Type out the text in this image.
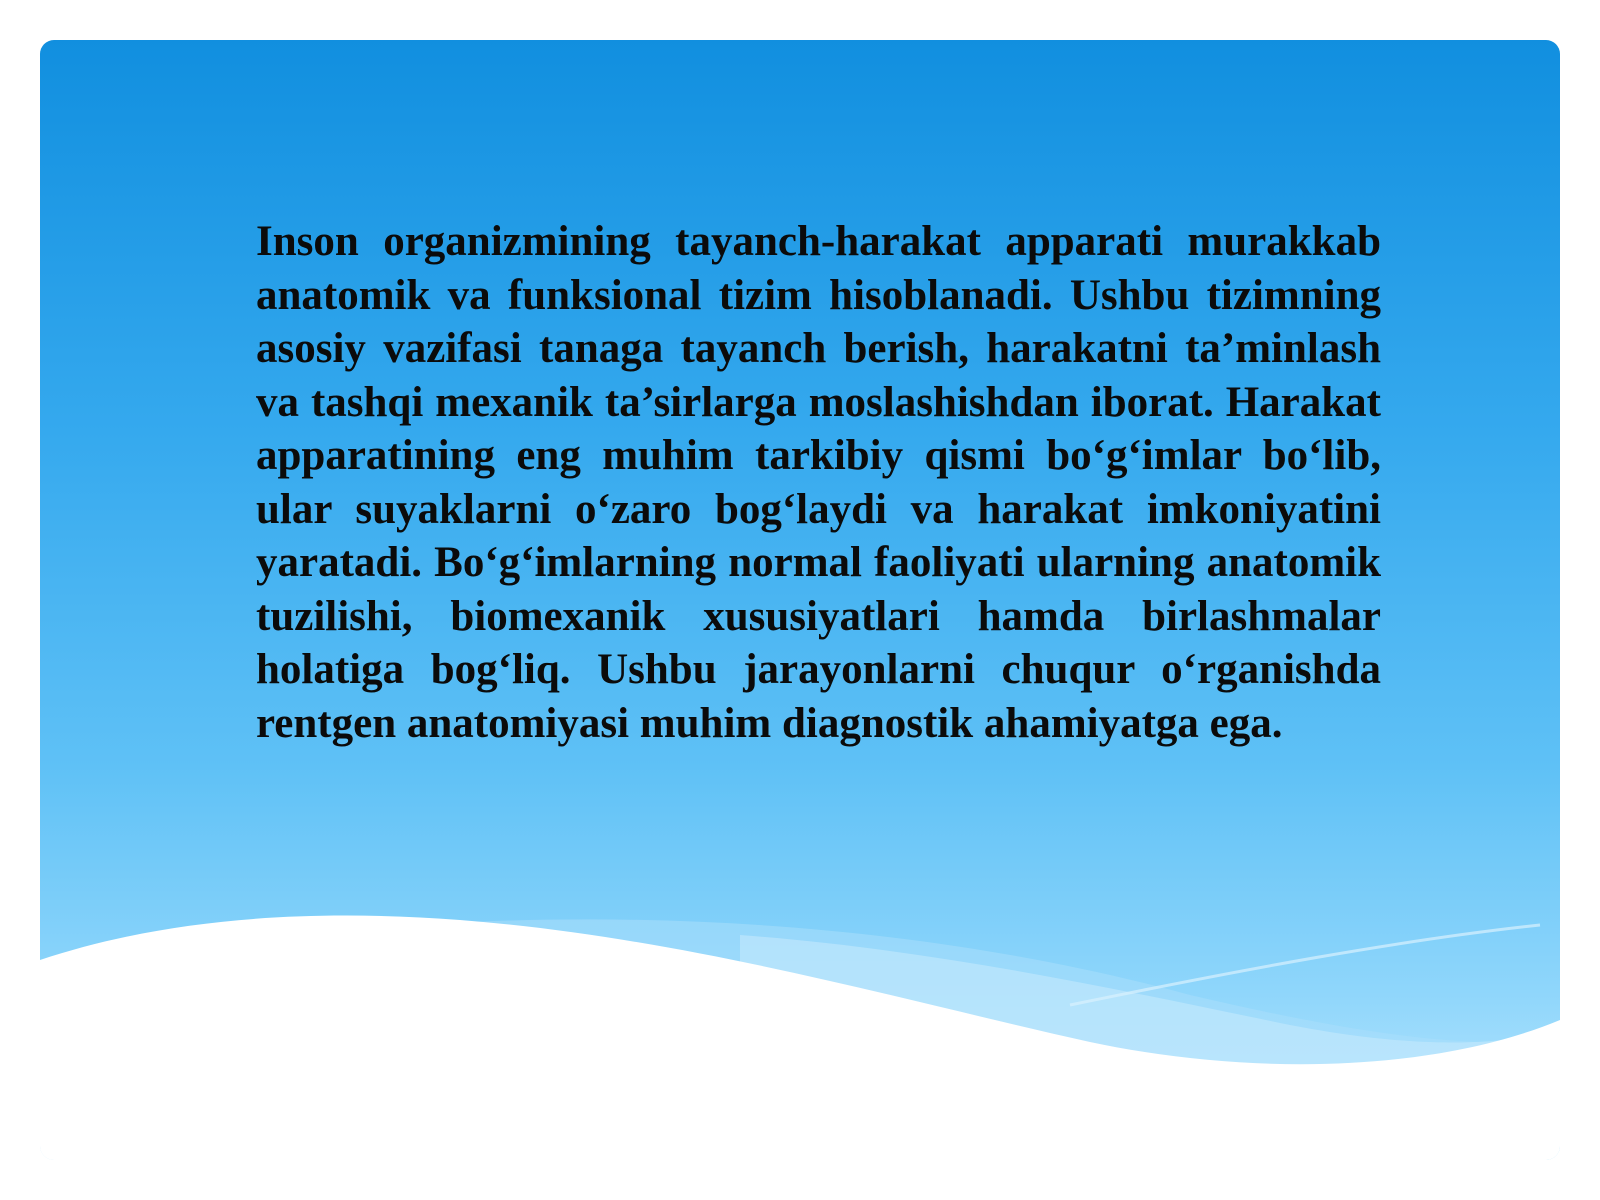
Inson organizmining tayanch-harakat apparati murakkab anatomik va funksional tizim hisoblanadi. Ushbu tizimning asosiy vazifasi tanaga tayanch berish, harakatni ta’minlash va tashqi mexanik ta’sirlarga moslashishdan iborat. Harakat apparatining eng muhim tarkibiy qismi bo‘g‘imlar bo‘lib, ular suyaklarni o‘zaro bog‘laydi va harakat imkoniyatini yaratadi. Bo‘g‘imlarning normal faoliyati ularning anatomik tuzilishi, biomexanik xususiyatlari hamda birlashmalar holatiga bog‘liq. Ushbu jarayonlarni chuqur o‘rganishda rentgen anatomiyasi muhim diagnostik ahamiyatga ega.
